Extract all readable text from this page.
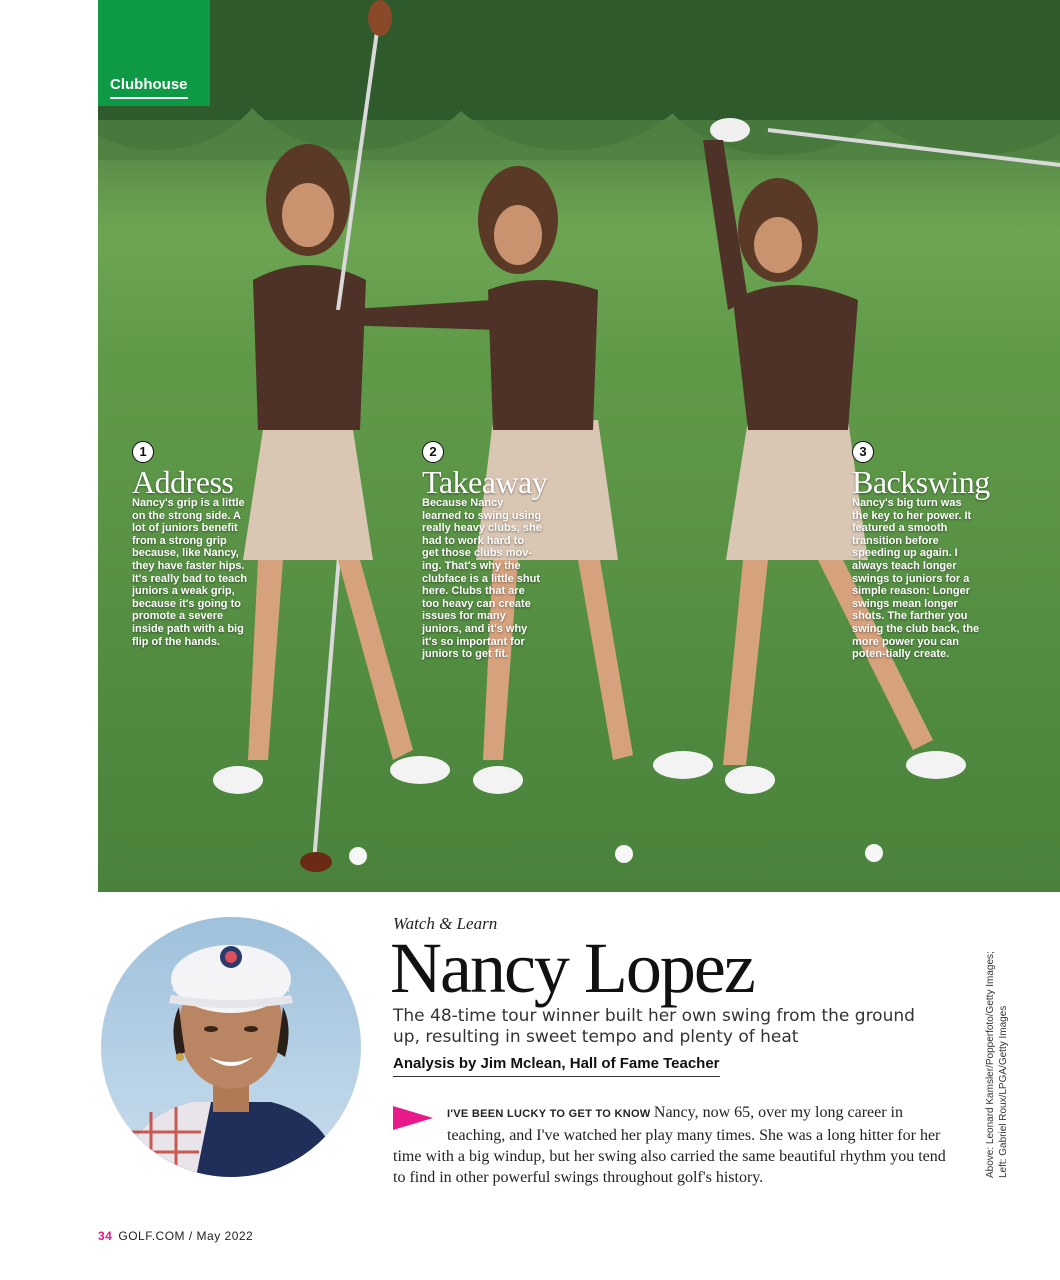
Clubhouse
1
Address
Nancy's grip is a little on the strong side. A lot of juniors benefit from a strong grip because, like Nancy, they have faster hips. It's really bad to teach juniors a weak grip, because it's going to promote a severe inside path with a big flip of the hands.
2
Takeaway
Because Nancy learned to swing using really heavy clubs, she had to work hard to get those clubs mov-ing. That's why the clubface is a little shut here. Clubs that are too heavy can create issues for many juniors, and it's why it's so important for juniors to get fit.
3
Backswing
Nancy's big turn was the key to her power. It featured a smooth transition before speeding up again. I always teach longer swings to juniors for a simple reason: Longer swings mean longer shots. The farther you swing the club back, the more power you can poten-tially create.
Watch & Learn
Nancy Lopez
The 48-time tour winner built her own swing from the ground up, resulting in sweet tempo and plenty of heat
Analysis by Jim Mclean, Hall of Fame Teacher
I'VE BEEN LUCKY TO GET TO KNOW Nancy, now 65, over my long career in teaching, and I've watched her play many times. She was a long hitter for her time with a big windup, but her swing also carried the same beautiful rhythm you tend to find in other powerful swings throughout golf's history.	Above: Leonard Kamsler/Popperfoto/Getty Images; Left: Gabriel Roux/LPGA/Getty Images
34 GOLF.COM / May 2022
